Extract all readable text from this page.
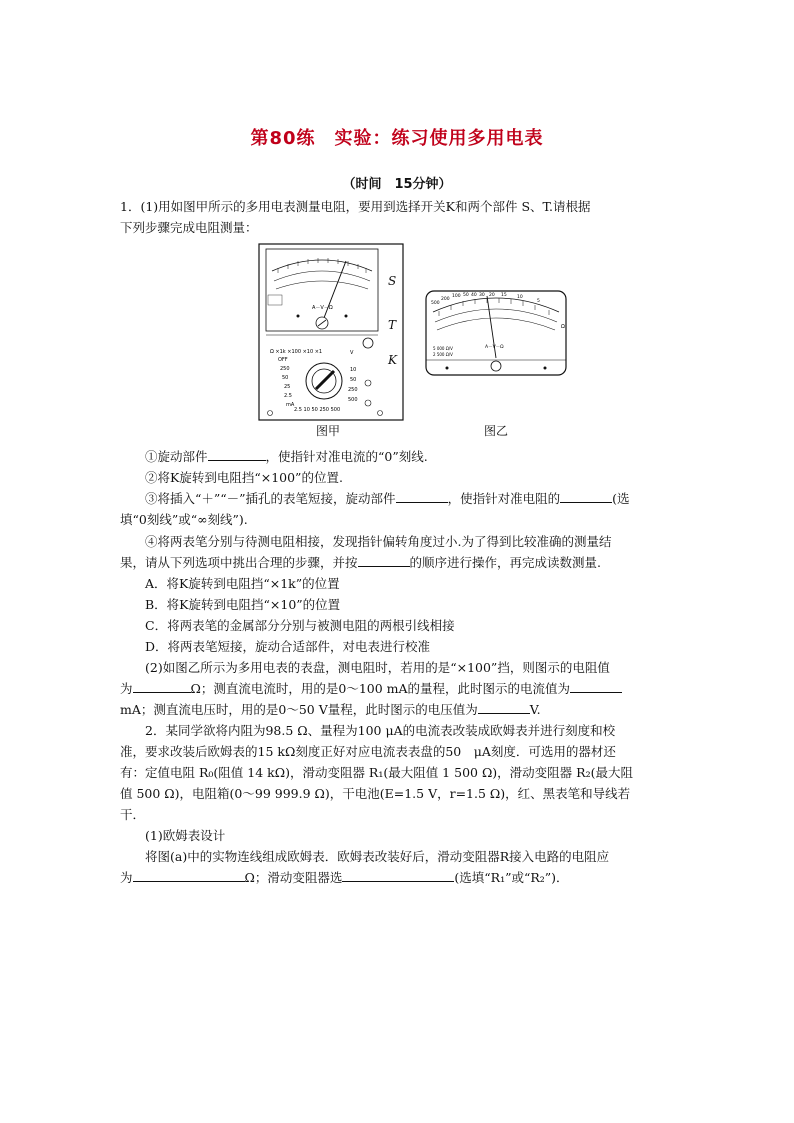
第80练　实验：练习使用多用电表
（时间　15分钟）
1．(1)用如图甲所示的多用电表测量电阻，要用到选择开关K和两个部件 S、T.请根据
下列步骤完成电阻测量：
A－V－Ω
Ω ×1k ×100 ×10 ×1
OFF
250
50
25
2.5
mA
10
50
250
500
2.5 10 50 250 500
V
S
T
K
图甲
500
200
100 50 40 30 20 15 10
5
A－V－Ω
Ω
5 000 Ω/V
2 500 Ω/V
图乙
①旋动部件	，使指针对准电流的“0”刻线.
②将K旋转到电阻挡“×100”的位置.
③将插入“＋”“－”插孔的表笔短接，旋动部件	，使指针对准电阻的	(选
填“0刻线”或“∞刻线”).
④将两表笔分别与待测电阻相接，发现指针偏转角度过小.为了得到比较准确的测量结
果，请从下列选项中挑出合理的步骤，并按	的顺序进行操作，再完成读数测量.
A．将K旋转到电阻挡“×1k”的位置
B．将K旋转到电阻挡“×10”的位置
C．将两表笔的金属部分分别与被测电阻的两根引线相接
D．将两表笔短接，旋动合适部件，对电表进行校准
(2)如图乙所示为多用电表的表盘，测电阻时，若用的是“×100”挡，则图示的电阻值
为	Ω；测直流电流时，用的是0～100 mA的量程，此时图示的电流值为
mA；测直流电压时，用的是0～50 V量程，此时图示的电压值为	V.
2．某同学欲将内阻为98.5 Ω、量程为100 μA的电流表改装成欧姆表并进行刻度和校
准，要求改装后欧姆表的15 kΩ刻度正好对应电流表表盘的50　μA刻度．可选用的器材还
有：定值电阻 R₀(阻值 14 kΩ)，滑动变阻器 R₁(最大阻值 1 500 Ω)，滑动变阻器 R₂(最大阻
值 500 Ω)，电阻箱(0～99 999.9 Ω)，干电池(E=1.5 V，r=1.5 Ω)，红、黑表笔和导线若
干．
(1)欧姆表设计
将图(a)中的实物连线组成欧姆表．欧姆表改装好后，滑动变阻器R接入电路的电阻应
为	Ω；滑动变阻器选	(选填“R₁”或“R₂”)．
